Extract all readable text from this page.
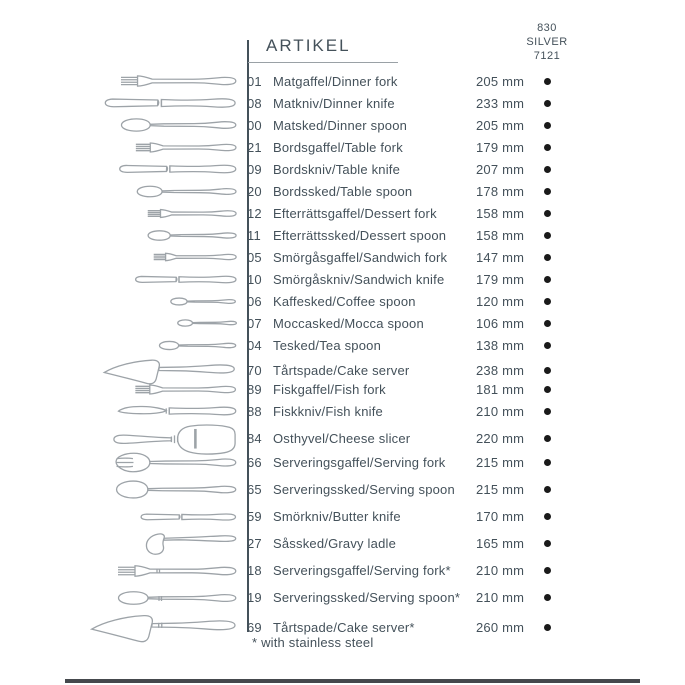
ARTIKEL
830
SILVER
7121
01 Matgaffel/Dinner fork	205 mm
08 Matkniv/Dinner knife	233 mm
00 Matsked/Dinner spoon	205 mm
21 Bordsgaffel/Table fork	179 mm
09 Bordskniv/Table knife	207 mm
20 Bordssked/Table spoon	178 mm
12 Efterrättsgaffel/Dessert fork	158 mm
11 Efterrättssked/Dessert spoon	158 mm
05 Smörgåsgaffel/Sandwich fork	147 mm
10 Smörgåskniv/Sandwich knife	179 mm
06 Kaffesked/Coffee spoon	120 mm
07 Moccasked/Mocca spoon	106 mm
04 Tesked/Tea spoon	138 mm
70 Tårtspade/Cake server	238 mm
89 Fiskgaffel/Fish fork	181 mm
88 Fiskkniv/Fish knife	210 mm
84 Osthyvel/Cheese slicer	220 mm
66 Serveringsgaffel/Serving fork	215 mm
65 Serveringssked/Serving spoon	215 mm
59 Smörkniv/Butter knife	170 mm
27 Såssked/Gravy ladle	165 mm
18 Serveringsgaffel/Serving fork*	210 mm
19 Serveringssked/Serving spoon*	210 mm
69 Tårtspade/Cake server*	260 mm
* with stainless steel
